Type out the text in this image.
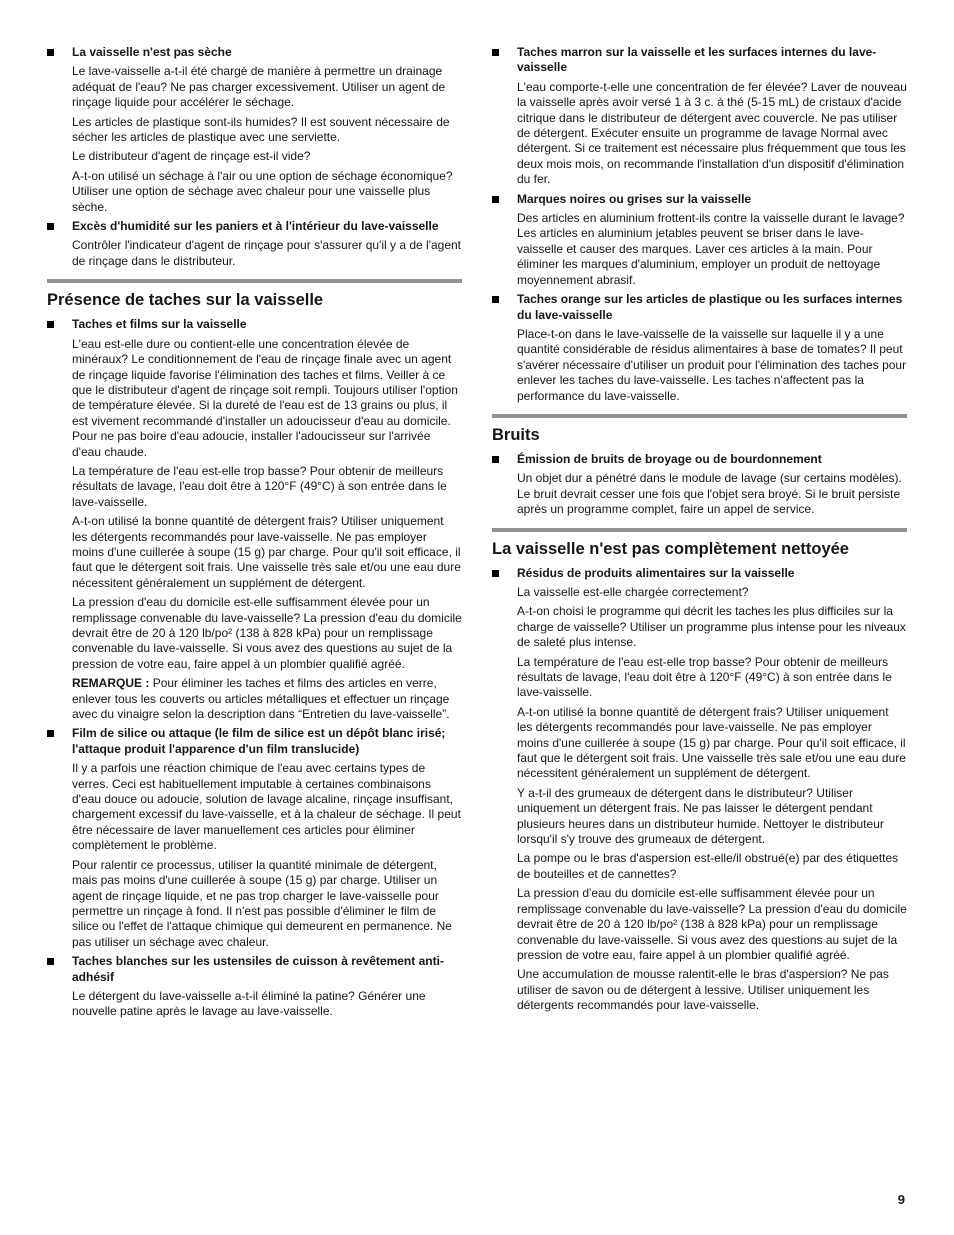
La vaisselle n'est pas sèche

Le lave-vaisselle a-t-il été chargé de manière à permettre un drainage adéquat de l'eau? Ne pas charger excessivement. Utiliser un agent de rinçage liquide pour accélérer le séchage.

Les articles de plastique sont-ils humides? Il est souvent nécessaire de sécher les articles de plastique avec une serviette.

Le distributeur d'agent de rinçage est-il vide?

A-t-on utilisé un séchage à l'air ou une option de séchage économique? Utiliser une option de séchage avec chaleur pour une vaisselle plus sèche.

Excès d'humidité sur les paniers et à l'intérieur du lave-vaisselle

Contrôler l'indicateur d'agent de rinçage pour s'assurer qu'il y a de l'agent de rinçage dans le distributeur.

Présence de taches sur la vaisselle
Taches et films sur la vaisselle

L'eau est-elle dure ou contient-elle une concentration élevée de minéraux? Le conditionnement de l'eau de rinçage finale avec un agent de rinçage liquide favorise l'élimination des taches et films. Veiller à ce que le distributeur d'agent de rinçage soit rempli. Toujours utiliser l'option de température élevée. Si la dureté de l'eau est de 13 grains ou plus, il est vivement recommandé d'installer un adoucisseur d'eau au domicile. Pour ne pas boire d'eau adoucie, installer l'adoucisseur sur l'arrivée d'eau chaude.

La température de l'eau est-elle trop basse? Pour obtenir de meilleurs résultats de lavage, l'eau doit être à 120°F (49°C) à son entrée dans le lave-vaisselle.

A-t-on utilisé la bonne quantité de détergent frais? Utiliser uniquement les détergents recommandés pour lave-vaisselle. Ne pas employer moins d'une cuillerée à soupe (15 g) par charge. Pour qu'il soit efficace, il faut que le détergent soit frais. Une vaisselle très sale et/ou une eau dure nécessitent généralement un supplément de détergent.

La pression d'eau du domicile est-elle suffisamment élevée pour un remplissage convenable du lave-vaisselle? La pression d'eau du domicile devrait être de 20 à 120 lb/po² (138 à 828 kPa) pour un remplissage convenable du lave-vaisselle. Si vous avez des questions au sujet de la pression de votre eau, faire appel à un plombier qualifié agréé.

REMARQUE : Pour éliminer les taches et films des articles en verre, enlever tous les couverts ou articles métalliques et effectuer un rinçage avec du vinaigre selon la description dans “Entretien du lave-vaisselle”.

Film de silice ou attaque (le film de silice est un dépôt blanc irisé; l'attaque produit l'apparence d'un film translucide)

Il y a parfois une réaction chimique de l'eau avec certains types de verres. Ceci est habituellement imputable à certaines combinaisons d'eau douce ou adoucie, solution de lavage alcaline, rinçage insuffisant, chargement excessif du lave-vaisselle, et à la chaleur de séchage. Il peut être nécessaire de laver manuellement ces articles pour éliminer complètement le problème.

Pour ralentir ce processus, utiliser la quantité minimale de détergent, mais pas moins d'une cuillerée à soupe (15 g) par charge. Utiliser un agent de rinçage liquide, et ne pas trop charger le lave-vaisselle pour permettre un rinçage à fond. Il n'est pas possible d'éliminer le film de silice ou l'effet de l'attaque chimique qui demeurent en permanence. Ne pas utiliser un séchage avec chaleur.

Taches blanches sur les ustensiles de cuisson à revêtement anti-adhésif

Le détergent du lave-vaisselle a-t-il éliminé la patine? Générer une nouvelle patine après le lavage au lave-vaisselle.

Taches marron sur la vaisselle et les surfaces internes du lave-vaisselle

L'eau comporte-t-elle une concentration de fer élevée? Laver de nouveau la vaisselle après avoir versé 1 à 3 c. à thé (5-15 mL) de cristaux d'acide citrique dans le distributeur de détergent avec couvercle. Ne pas utiliser de détergent. Exécuter ensuite un programme de lavage Normal avec détergent. Si ce traitement est nécessaire plus fréquemment que tous les deux mois mois, on recommande l'installation d'un dispositif d'élimination du fer.

Marques noires ou grises sur la vaisselle

Des articles en aluminium frottent-ils contre la vaisselle durant le lavage? Les articles en aluminium jetables peuvent se briser dans le lave-vaisselle et causer des marques. Laver ces articles à la main. Pour éliminer les marques d'aluminium, employer un produit de nettoyage moyennement abrasif.

Taches orange sur les articles de plastique ou les surfaces internes du lave-vaisselle

Place-t-on dans le lave-vaisselle de la vaisselle sur laquelle il y a une quantité considérable de résidus alimentaires à base de tomates? Il peut s'avérer nécessaire d'utiliser un produit pour l'élimination des taches pour enlever les taches du lave-vaisselle. Les taches n'affectent pas la performance du lave-vaisselle.

Bruits
Émission de bruits de broyage ou de bourdonnement

Un objet dur a pénétré dans le module de lavage (sur certains modèles). Le bruit devrait cesser une fois que l'objet sera broyé. Si le bruit persiste après un programme complet, faire un appel de service.

La vaisselle n'est pas complètement nettoyée
Résidus de produits alimentaires sur la vaisselle

La vaisselle est-elle chargée correctement?

A-t-on choisi le programme qui décrit les taches les plus difficiles sur la charge de vaisselle? Utiliser un programme plus intense pour les niveaux de saleté plus intense.

La température de l'eau est-elle trop basse? Pour obtenir de meilleurs résultats de lavage, l'eau doit être à 120°F (49°C) à son entrée dans le lave-vaisselle.

A-t-on utilisé la bonne quantité de détergent frais? Utiliser uniquement les détergents recommandés pour lave-vaisselle. Ne pas employer moins d'une cuillerée à soupe (15 g) par charge. Pour qu'il soit efficace, il faut que le détergent soit frais. Une vaisselle très sale et/ou une eau dure nécessitent généralement un supplément de détergent.

Y a-t-il des grumeaux de détergent dans le distributeur? Utiliser uniquement un détergent frais. Ne pas laisser le détergent pendant plusieurs heures dans un distributeur humide. Nettoyer le distributeur lorsqu'il s'y trouve des grumeaux de détergent.

La pompe ou le bras d'aspersion est-elle/il obstrué(e) par des étiquettes de bouteilles et de cannettes?

La pression d'eau du domicile est-elle suffisamment élevée pour un remplissage convenable du lave-vaisselle? La pression d'eau du domicile devrait être de 20 à 120 lb/po² (138 à 828 kPa) pour un remplissage convenable du lave-vaisselle. Si vous avez des questions au sujet de la pression de votre eau, faire appel à un plombier qualifié agréé.

Une accumulation de mousse ralentit-elle le bras d'aspersion? Ne pas utiliser de savon ou de détergent à lessive. Utiliser uniquement les détergents recommandés pour lave-vaisselle.

9
